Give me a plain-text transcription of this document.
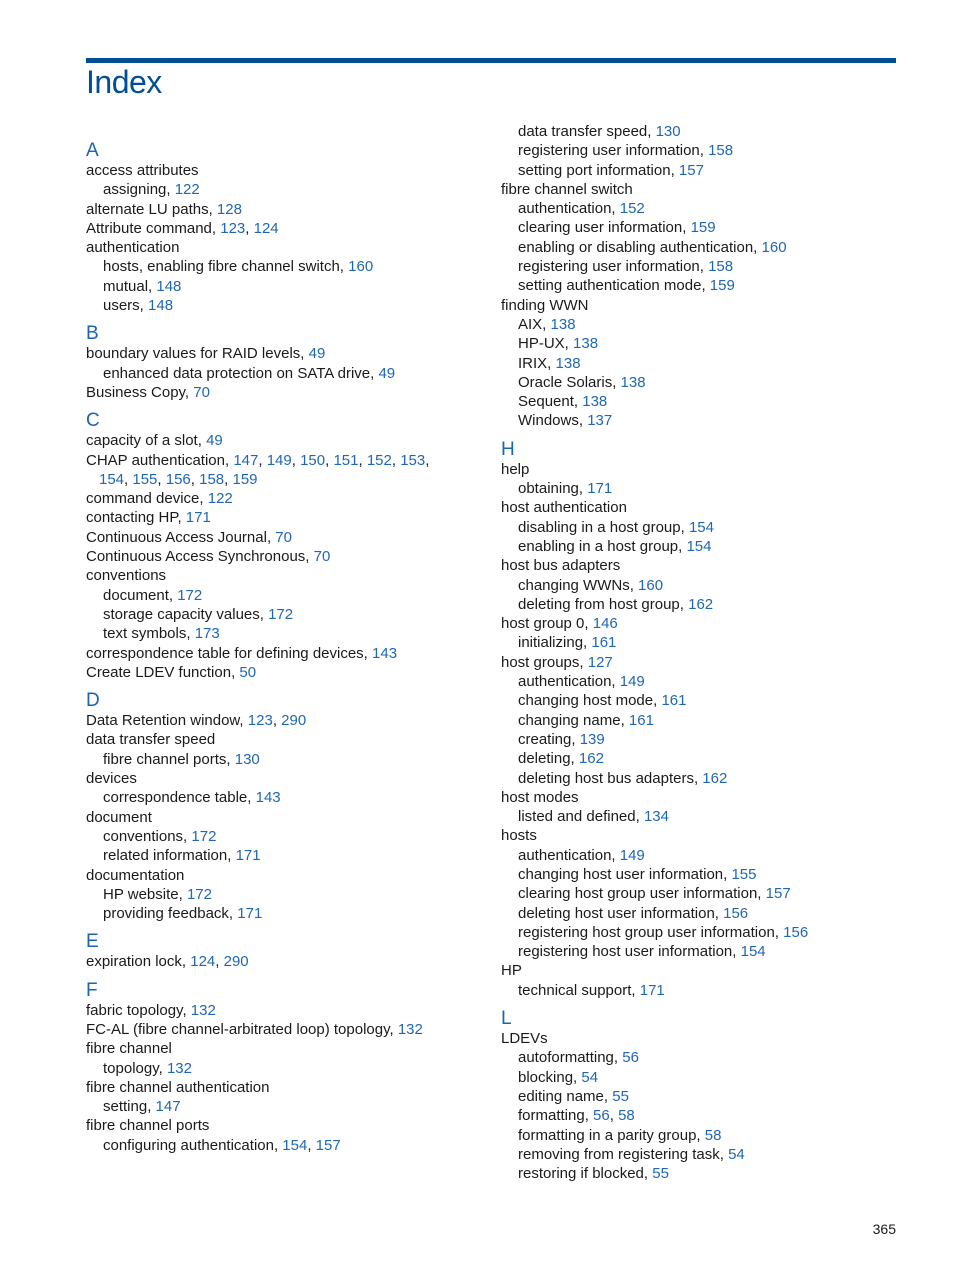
Index
A
access attributes
assigning, 122
alternate LU paths, 128
Attribute command, 123, 124
authentication
hosts, enabling fibre channel switch, 160
mutual, 148
users, 148
B
boundary values for RAID levels, 49
enhanced data protection on SATA drive, 49
Business Copy, 70
C
capacity of a slot, 49
CHAP authentication, 147, 149, 150, 151, 152, 153,
154, 155, 156, 158, 159
command device, 122
contacting HP, 171
Continuous Access Journal, 70
Continuous Access Synchronous, 70
conventions
document, 172
storage capacity values, 172
text symbols, 173
correspondence table for defining devices, 143
Create LDEV function, 50
D
Data Retention window, 123, 290
data transfer speed
fibre channel ports, 130
devices
correspondence table, 143
document
conventions, 172
related information, 171
documentation
HP website, 172
providing feedback, 171
E
expiration lock, 124, 290
F
fabric topology, 132
FC-AL (fibre channel-arbitrated loop) topology, 132
fibre channel
topology, 132
fibre channel authentication
setting, 147
fibre channel ports
configuring authentication, 154, 157
data transfer speed, 130
registering user information, 158
setting port information, 157
fibre channel switch
authentication, 152
clearing user information, 159
enabling or disabling authentication, 160
registering user information, 158
setting authentication mode, 159
finding WWN
AIX, 138
HP-UX, 138
IRIX, 138
Oracle Solaris, 138
Sequent, 138
Windows, 137
H
help
obtaining, 171
host authentication
disabling in a host group, 154
enabling in a host group, 154
host bus adapters
changing WWNs, 160
deleting from host group, 162
host group 0, 146
initializing, 161
host groups, 127
authentication, 149
changing host mode, 161
changing name, 161
creating, 139
deleting, 162
deleting host bus adapters, 162
host modes
listed and defined, 134
hosts
authentication, 149
changing host user information, 155
clearing host group user information, 157
deleting host user information, 156
registering host group user information, 156
registering host user information, 154
HP
technical support, 171
L
LDEVs
autoformatting, 56
blocking, 54
editing name, 55
formatting, 56, 58
formatting in a parity group, 58
removing from registering task, 54
restoring if blocked, 55
365
